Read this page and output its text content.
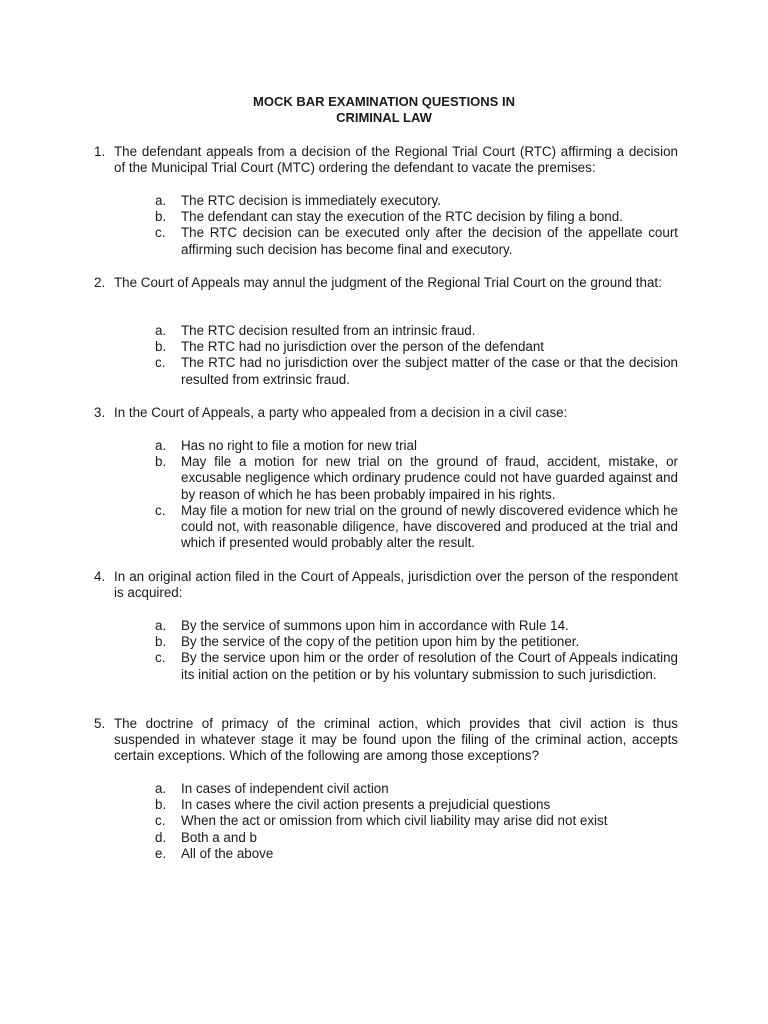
MOCK BAR EXAMINATION QUESTIONS IN
CRIMINAL LAW
1. The defendant appeals from a decision of the Regional Trial Court (RTC) affirming a decision of the Municipal Trial Court (MTC) ordering the defendant to vacate the premises:
a. The RTC decision is immediately executory.
b. The defendant can stay the execution of the RTC decision by filing a bond.
c. The RTC decision can be executed only after the decision of the appellate court affirming such decision has become final and executory.
2. The Court of Appeals may annul the judgment of the Regional Trial Court on the ground that:
a. The RTC decision resulted from an intrinsic fraud.
b. The RTC had no jurisdiction over the person of the defendant
c. The RTC had no jurisdiction over the subject matter of the case or that the decision resulted from extrinsic fraud.
3. In the Court of Appeals, a party who appealed from a decision in a civil case:
a. Has no right to file a motion for new trial
b. May file a motion for new trial on the ground of fraud, accident, mistake, or excusable negligence which ordinary prudence could not have guarded against and by reason of which he has been probably impaired in his rights.
c. May file a motion for new trial on the ground of newly discovered evidence which he could not, with reasonable diligence, have discovered and produced at the trial and which if presented would probably alter the result.
4. In an original action filed in the Court of Appeals, jurisdiction over the person of the respondent is acquired:
a. By the service of summons upon him in accordance with Rule 14.
b. By the service of the copy of the petition upon him by the petitioner.
c. By the service upon him or the order of resolution of the Court of Appeals indicating its initial action on the petition or by his voluntary submission to such jurisdiction.
5. The doctrine of primacy of the criminal action, which provides that civil action is thus suspended in whatever stage it may be found upon the filing of the criminal action, accepts certain exceptions. Which of the following are among those exceptions?
a. In cases of independent civil action
b. In cases where the civil action presents a prejudicial questions
c. When the act or omission from which civil liability may arise did not exist
d. Both a and b
e. All of the above
